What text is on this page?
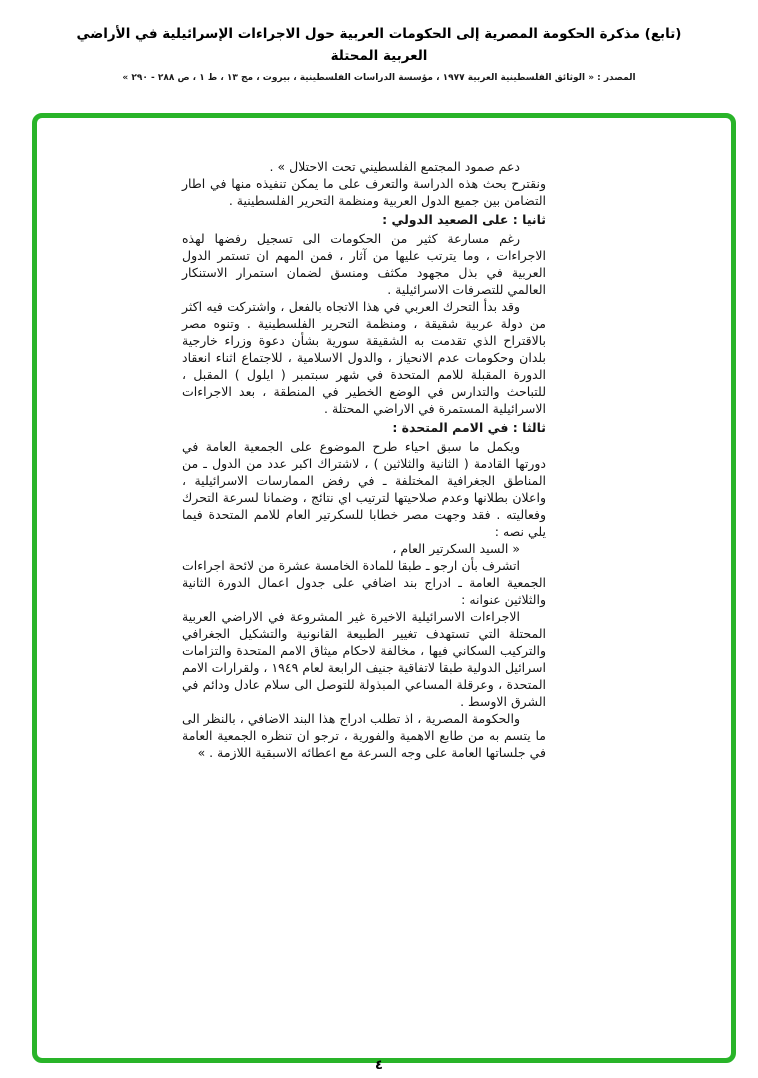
(تابع) مذكرة الحكومة المصرية إلى الحكومات العربية حول الاجراءات الإسرائيلية في الأراضي العربية المحتلة
المصدر : « الوثائق الفلسطينية العربية ١٩٧٧ ، مؤسسة الدراسات الفلسطينية ، بيروت ، مج ١٣ ، ط ١ ، ص ٢٨٨ - ٢٩٠ »

دعم صمود المجتمع الفلسطيني تحت الاحتلال » .

ونقترح بحث هذه الدراسة والتعرف على ما يمكن تنفيذه منها في اطار التضامن بين جميع الدول العربية ومنظمة التحرير الفلسطينية .

ثانيا : على الصعيد الدولي :

رغم مسارعة كثير من الحكومات الى تسجيل رفضها لهذه الاجراءات ، وما يترتب عليها من آثار ، فمن المهم ان تستمر الدول العربية في بذل مجهود مكثف ومنسق لضمان استمرار الاستنكار العالمي للتصرفات الاسرائيلية .

وقد بدأ التحرك العربي في هذا الاتجاه بالفعل ، واشتركت فيه اكثر من دولة عربية شقيقة ، ومنظمة التحرير الفلسطينية . وتنوه مصر بالاقتراح الذي تقدمت به الشقيقة سورية بشأن دعوة وزراء خارجية بلدان وحكومات عدم الانحياز ، والدول الاسلامية ، للاجتماع اثناء انعقاد الدورة المقبلة للامم المتحدة في شهر سبتمبر ( ايلول ) المقبل ، للتباحث والتدارس في الوضع الخطير في المنطقة ، بعد الاجراءات الاسرائيلية المستمرة في الاراضي المحتلة .

ثالثا : في الامم المتحدة :

ويكمل ما سبق احياء طرح الموضوع على الجمعية العامة في دورتها القادمة ( الثانية والثلاثين ) ، لاشتراك اكبر عدد من الدول ـ من المناطق الجغرافية المختلفة ـ في رفض الممارسات الاسرائيلية ، واعلان بطلانها وعدم صلاحيتها لترتيب اي نتائج ، وضمانا لسرعة التحرك وفعاليته . فقد وجهت مصر خطابا للسكرتير العام للامم المتحدة فيما يلي نصه :

« السيد السكرتير العام ،

اتشرف بأن ارجو ـ طبقا للمادة الخامسة عشرة من لائحة اجراءات الجمعية العامة ـ ادراج بند اضافي على جدول اعمال الدورة الثانية والثلاثين عنوانه :

الاجراءات الاسرائيلية الاخيرة غير المشروعة في الاراضي العربية المحتلة التي تستهدف تغيير الطبيعة القانونية والتشكيل الجغرافي والتركيب السكاني فيها ، مخالفة لاحكام ميثاق الامم المتحدة والتزامات اسرائيل الدولية طبقا لاتفاقية جنيف الرابعة لعام ١٩٤٩ ، ولقرارات الامم المتحدة ، وعرقلة المساعي المبذولة للتوصل الى سلام عادل ودائم في الشرق الاوسط .

والحكومة المصرية ، اذ تطلب ادراج هذا البند الاضافي ، بالنظر الى ما يتسم به من طابع الاهمية والفورية ، ترجو ان تنظره الجمعية العامة في جلساتها العامة على وجه السرعة مع اعطائه الاسبقية اللازمة . »

٤
